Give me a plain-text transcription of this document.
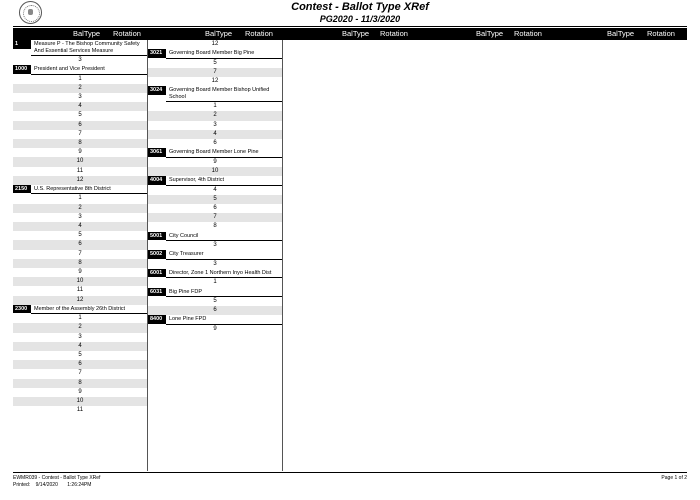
Contest - Ballot Type XRef
PG2020 - 11/3/2020
BalType Rotation	BalType Rotation	BalType Rotation	BalType Rotation	BalType Rotation
1	Measure P - The Bishop Community Safety And Essential Services Measure
3
1000	President and Vice President
1
2
3
4
5
6
7
8
9
10
11
12
2150	U.S. Representative 8th District
1
2
3
4
5
6
7
8
9
10
11
12
2300	Member of the Assembly 26th District
1
2
3
4
5
6
7
8
9
10
11
12
3021	Governing Board Member Big Pine
5
7
12
3024	Governing Board Member Bishop Unified School
1
2
3
4
6
3061	Governing Board Member Lone Pine
9
10
4004	Supervisor, 4th District
4
5
6
7
8
5001	City Council
3
5002	City Treasurer
3
6001	Director, Zone 1 Northern Inyo Health Dist
1
6031	Big Pine FDP
5
6
8400	Lone Pine FPD
9
EWMR039 - Contest - Ballot Type XRef
Printed: 9/14/2020 1:26:24PM
Page 1 of 2
